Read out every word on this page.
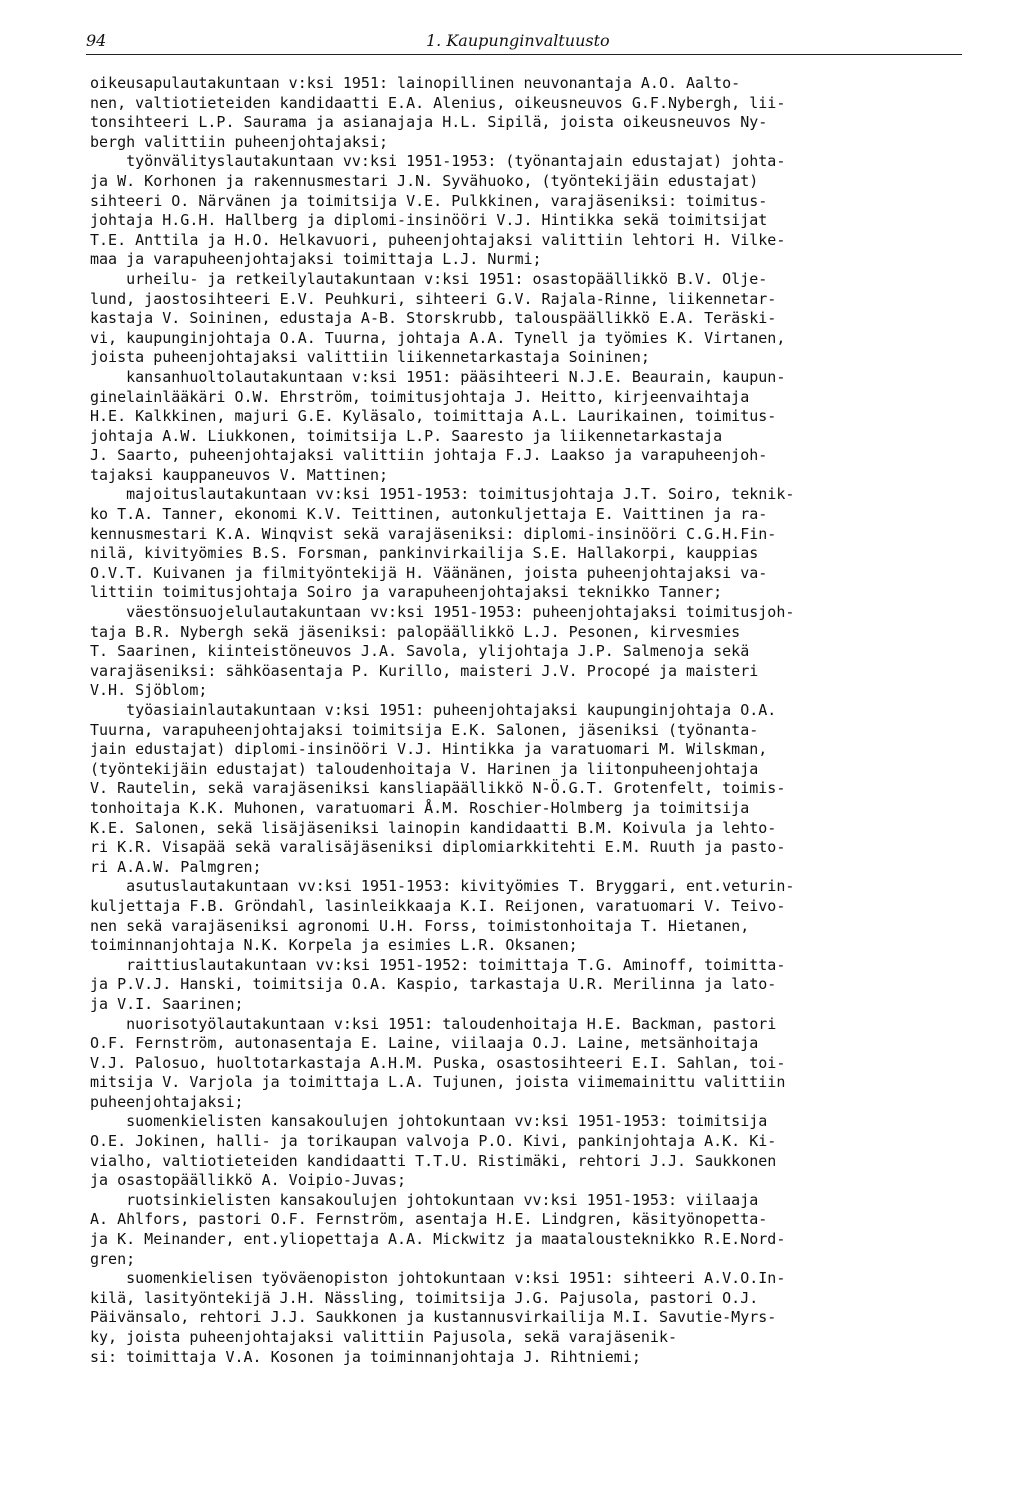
94	1. Kaupunginvaltuusto
oikeusapulautakuntaan v:ksi 1951: lainopillinen neuvonantaja A.O. Aalto-
nen, valtiotieteiden kandidaatti E.A. Alenius, oikeusneuvos G.F.Nybergh, lii-
tonsihteeri L.P. Saurama ja asianajaja H.L. Sipilä, joista oikeusneuvos Ny-
bergh valittiin puheenjohtajaksi;
työnvälityslautakuntaan vv:ksi 1951-1953: (työnantajain edustajat) johta-
ja W. Korhonen ja rakennusmestari J.N. Syvähuoko, (työntekijäin edustajat)
sihteeri O. Närvänen ja toimitsija V.E. Pulkkinen, varajäseniksi: toimitus-
johtaja H.G.H. Hallberg ja diplomi-insinööri V.J. Hintikka sekä toimitsijat
T.E. Anttila ja H.O. Helkavuori, puheenjohtajaksi valittiin lehtori H. Vilke-
maa ja varapuheenjohtajaksi toimittaja L.J. Nurmi;
urheilu- ja retkeilylautakuntaan v:ksi 1951: osastopäällikkö B.V. Olje-
lund, jaostosihteeri E.V. Peuhkuri, sihteeri G.V. Rajala-Rinne, liikennetar-
kastaja V. Soininen, edustaja A-B. Storskrubb, talouspäällikkö E.A. Teräski-
vi, kaupunginjohtaja O.A. Tuurna, johtaja A.A. Tynell ja työmies K. Virtanen,
joista puheenjohtajaksi valittiin liikennetarkastaja Soininen;
kansanhuoltolautakuntaan v:ksi 1951: pääsihteeri N.J.E. Beaurain, kaupun-
ginelainlääkäri O.W. Ehrström, toimitusjohtaja J. Heitto, kirjeenvaihtaja
H.E. Kalkkinen, majuri G.E. Kyläsalo, toimittaja A.L. Laurikainen, toimitus-
johtaja A.W. Liukkonen, toimitsija L.P. Saaresto ja liikennetarkastaja
J. Saarto, puheenjohtajaksi valittiin johtaja F.J. Laakso ja varapuheenjoh-
tajaksi kauppaneuvos V. Mattinen;
majoituslautakuntaan vv:ksi 1951-1953: toimitusjohtaja J.T. Soiro, teknik-
ko T.A. Tanner, ekonomi K.V. Teittinen, autonkuljettaja E. Vaittinen ja ra-
kennusmestari K.A. Winqvist sekä varajäseniksi: diplomi-insinööri C.G.H.Fin-
nilä, kivityömies B.S. Forsman, pankinvirkailija S.E. Hallakorpi, kauppias
O.V.T. Kuivanen ja filmityöntekijä H. Väänänen, joista puheenjohtajaksi va-
littiin toimitusjohtaja Soiro ja varapuheenjohtajaksi teknikko Tanner;
väestönsuojelulautakuntaan vv:ksi 1951-1953: puheenjohtajaksi toimitusjoh-
taja B.R. Nybergh sekä jäseniksi: palopäällikkö L.J. Pesonen, kirvesmies
T. Saarinen, kiinteistöneuvos J.A. Savola, ylijohtaja J.P. Salmenoja sekä
varajäseniksi: sähköasentaja P. Kurillo, maisteri J.V. Procopé ja maisteri
V.H. Sjöblom;
työasiainlautakuntaan v:ksi 1951: puheenjohtajaksi kaupunginjohtaja O.A.
Tuurna, varapuheenjohtajaksi toimitsija E.K. Salonen, jäseniksi (työnanta-
jain edustajat) diplomi-insinööri V.J. Hintikka ja varatuomari M. Wilskman,
(työntekijäin edustajat) taloudenhoitaja V. Harinen ja liitonpuheenjohtaja
V. Rautelin, sekä varajäseniksi kansliapäällikkö N-Ö.G.T. Grotenfelt, toimis-
tonhoitaja K.K. Muhonen, varatuomari Å.M. Roschier-Holmberg ja toimitsija
K.E. Salonen, sekä lisäjäseniksi lainopin kandidaatti B.M. Koivula ja lehto-
ri K.R. Visapää sekä varalisäjäseniksi diplomiarkkitehti E.M. Ruuth ja pasto-
ri A.A.W. Palmgren;
asutuslautakuntaan vv:ksi 1951-1953: kivityömies T. Bryggari, ent.veturin-
kuljettaja F.B. Gröndahl, lasinleikkaaja K.I. Reijonen, varatuomari V. Teivo-
nen sekä varajäseniksi agronomi U.H. Forss, toimistonhoitaja T. Hietanen,
toiminnanjohtaja N.K. Korpela ja esimies L.R. Oksanen;
raittiuslautakuntaan vv:ksi 1951-1952: toimittaja T.G. Aminoff, toimitta-
ja P.V.J. Hanski, toimitsija O.A. Kaspio, tarkastaja U.R. Merilinna ja lato-
ja V.I. Saarinen;
nuorisotyölautakuntaan v:ksi 1951: taloudenhoitaja H.E. Backman, pastori
O.F. Fernström, autonasentaja E. Laine, viilaaja O.J. Laine, metsänhoitaja
V.J. Palosuo, huoltotarkastaja A.H.M. Puska, osastosihteeri E.I. Sahlan, toi-
mitsija V. Varjola ja toimittaja L.A. Tujunen, joista viimemainittu valittiin
puheenjohtajaksi;
suomenkielisten kansakoulujen johtokuntaan vv:ksi 1951-1953: toimitsija
O.E. Jokinen, halli- ja torikaupan valvoja P.O. Kivi, pankinjohtaja A.K. Ki-
vialho, valtiotieteiden kandidaatti T.T.U. Ristimäki, rehtori J.J. Saukkonen
ja osastopäällikkö A. Voipio-Juvas;
ruotsinkielisten kansakoulujen johtokuntaan vv:ksi 1951-1953: viilaaja
A. Ahlfors, pastori O.F. Fernström, asentaja H.E. Lindgren, käsityönopetta-
ja K. Meinander, ent.yliopettaja A.A. Mickwitz ja maatalousteknikko R.E.Nord-
gren;
suomenkielisen työväenopiston johtokuntaan v:ksi 1951: sihteeri A.V.O.In-
kilä, lasityöntekijä J.H. Nässling, toimitsija J.G. Pajusola, pastori O.J.
Päivänsalo, rehtori J.J. Saukkonen ja kustannusvirkailija M.I. Savutie-Myrs-
ky, joista puheenjohtajaksi valittiin Pajusola, sekä varajäsenik-
si: toimittaja V.A. Kosonen ja toiminnanjohtaja J. Rihtniemi;
